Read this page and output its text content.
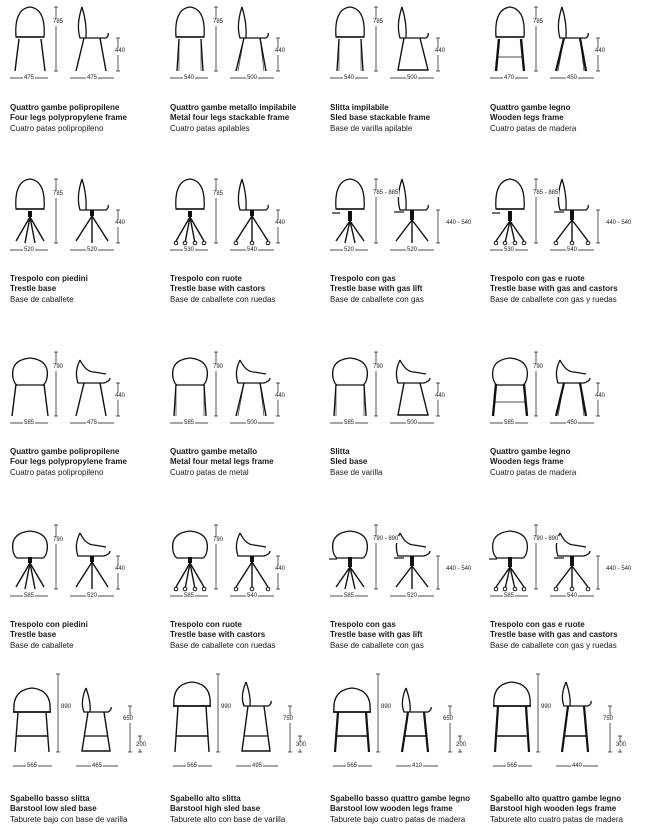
475	475
785
440
Quattro gambe polipropilene
Four legs polypropylene frame
Cuatro patas polipropileno
540	500
785
440
Quattro gambe metallo impilabile
Metal four legs stackable frame
Cuatro patas apilables
540	500
785
440
Slitta impilabile
Sled base stackable frame
Base de varilla apilable
470	450
785
440
Quattro gambe legno
Wooden legs frame
Cuatro patas de madera
520	520
785
440
Trespolo con piedini
Trestle base
Base de caballete
530	540
785
440
Trespolo con ruote
Trestle base with castors
Base de caballete con ruedas
520	520
785 - 885
440 - 540
Trespolo con gas
Trestle base with gas lift
Base de caballete con gas
530	540
785 - 885
440 - 540
Trespolo con gas e ruote
Trestle base with gas and castors
Base de caballete con gas y ruedas
585	475
790
440
Quattro gambe polipropilene
Four legs polypropylene frame
Cuatro patas polipropileno
585	500
790
440
Quattro gambe metallo
Metal four metal legs frame
Cuatro patas de metal
585	500
790
440
Slitta
Sled base
Base de varilla
585	450
790
440
Quattro gambe legno
Wooden legs frame
Cuatro patas de madera
585	520
790
440
Trespolo con piedini
Trestle base
Base de caballete
585	540
790
440
Trespolo con ruote
Trestle base with castors
Base de caballete con ruedas
585	520
790 - 890
440 - 540
Trespolo con gas
Trestle base with gas lift
Base de caballete con gas
585	540
790 - 890
440 - 540
Trespolo con gas e ruote
Trestle base with gas and castors
Base de caballete con gas y ruedas
565	465
890
650
200
Sgabello basso slitta
Barstool low sled base
Taburete bajo con base de varilla
565	495
990
750
300
Sgabello alto slitta
Barstool high sled base
Taburete alto con base de varilla
565	410
890
650
200
Sgabello basso quattro gambe legno
Barstool low wooden legs frame
Taburete bajo cuatro patas de madera
565	440
990
750
300
Sgabello alto quattro gambe legno
Barstool high wooden legs frame
Taburete alto cuatro patas de madera
